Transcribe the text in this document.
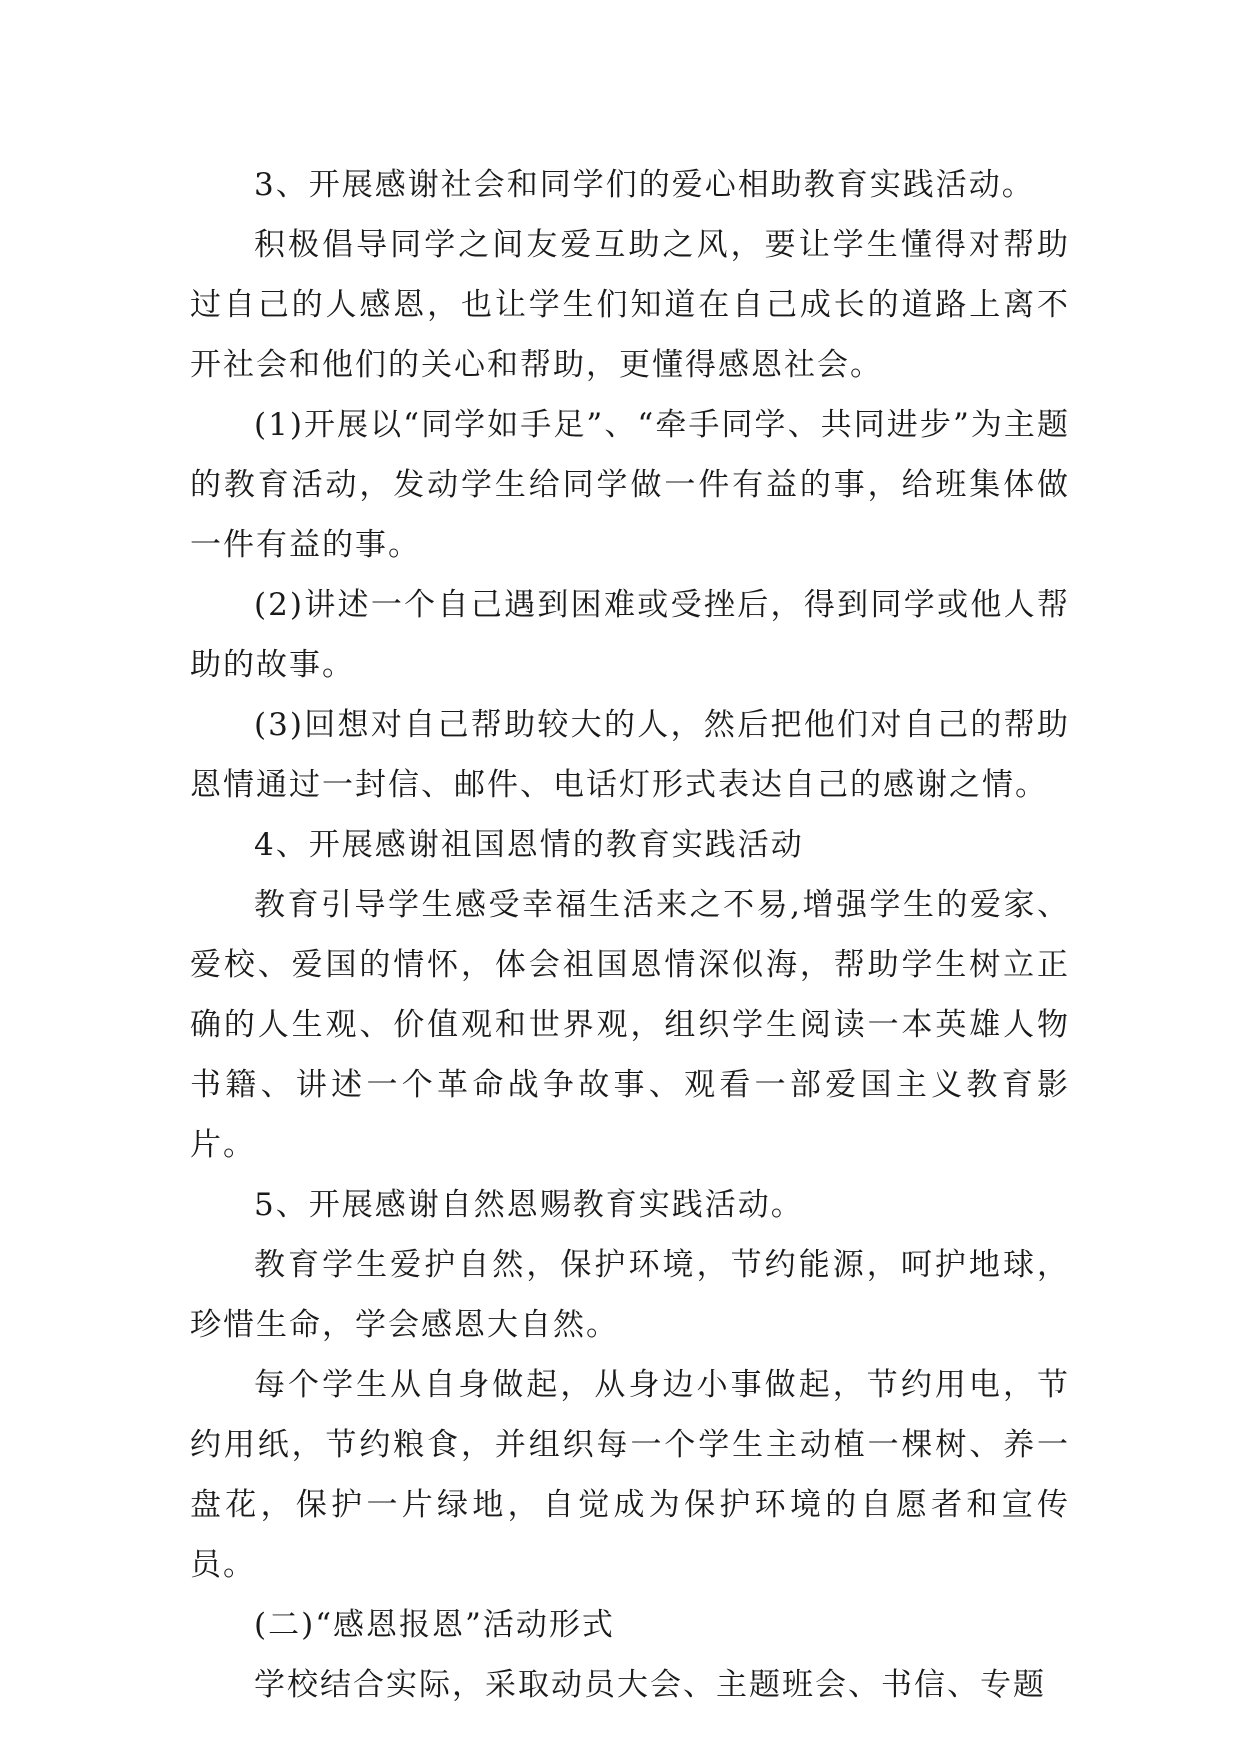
3、开展感谢社会和同学们的爱心相助教育实践活动。

积极倡导同学之间友爱互助之风，要让学生懂得对帮助过自己的人感恩，也让学生们知道在自己成长的道路上离不开社会和他们的关心和帮助，更懂得感恩社会。

(1)开展以“同学如手足”、“牵手同学、共同进步”为主题的教育活动，发动学生给同学做一件有益的事，给班集体做一件有益的事。

(2)讲述一个自己遇到困难或受挫后，得到同学或他人帮助的故事。

(3)回想对自己帮助较大的人，然后把他们对自己的帮助恩情通过一封信、邮件、电话灯形式表达自己的感谢之情。

4、开展感谢祖国恩情的教育实践活动

教育引导学生感受幸福生活来之不易,增强学生的爱家、爱校、爱国的情怀，体会祖国恩情深似海，帮助学生树立正确的人生观、价值观和世界观，组织学生阅读一本英雄人物书籍、讲述一个革命战争故事、观看一部爱国主义教育影片。

5、开展感谢自然恩赐教育实践活动。

教育学生爱护自然，保护环境，节约能源，呵护地球，珍惜生命，学会感恩大自然。

每个学生从自身做起，从身边小事做起，节约用电，节约用纸，节约粮食，并组织每一个学生主动植一棵树、养一盘花，保护一片绿地，自觉成为保护环境的自愿者和宣传员。

(二)“感恩报恩”活动形式

学校结合实际，采取动员大会、主题班会、书信、专题
